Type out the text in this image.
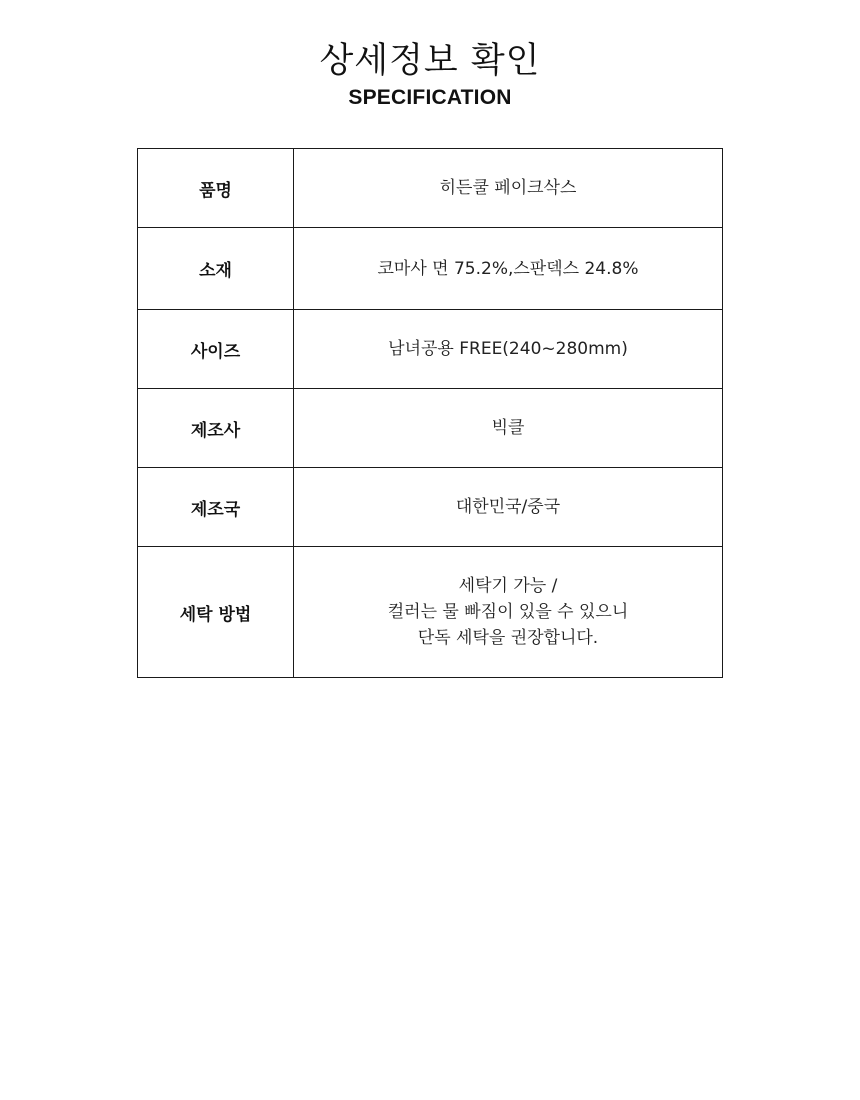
상세정보 확인
SPECIFICATION
품명	히든쿨 페이크삭스

소재	코마사 면 75.2%,스판덱스 24.8%

사이즈	남녀공용 FREE(240~280mm)

제조사	빅클

제조국	대한민국/중국

세탁 방법	세탁기 가능 /
컬러는 물 빠짐이 있을 수 있으니
단독 세탁을 권장합니다.
